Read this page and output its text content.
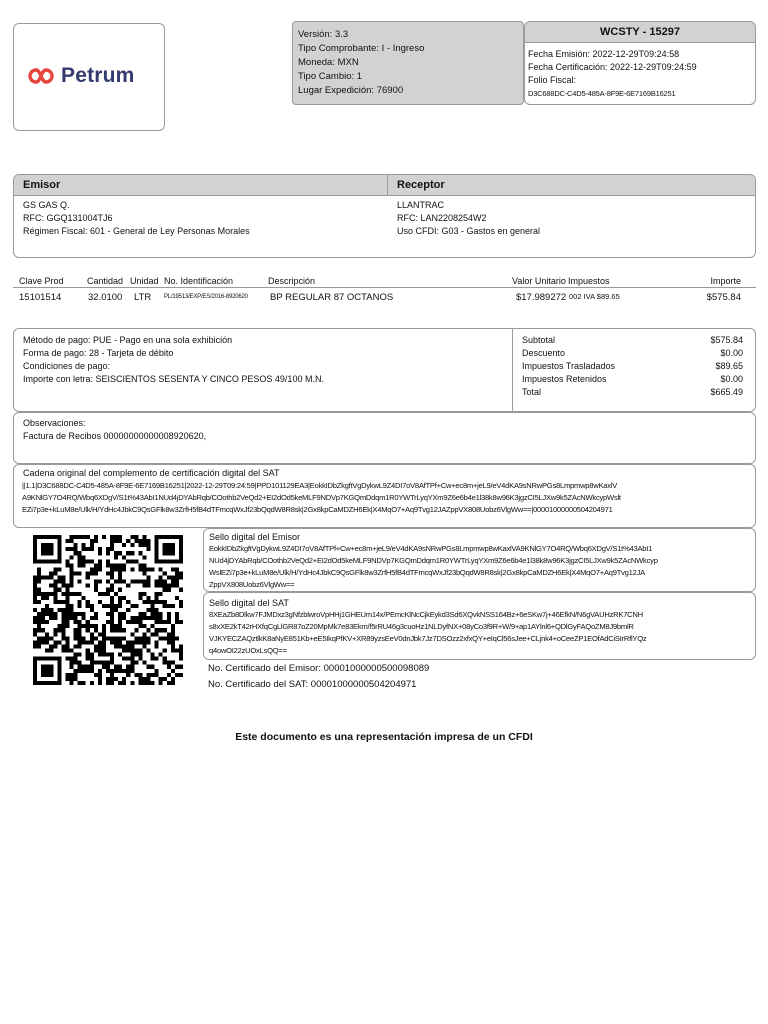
Petrum
Versión: 3.3
Tipo Comprobante: I - Ingreso
Moneda: MXN
Tipo Cambio: 1
Lugar Expedición: 76900
WCSTY - 15297
Fecha Emisión: 2022-12-29T09:24:58
Fecha Certificación: 2022-12-29T09:24:59
Folio Fiscal:
D3C688DC-C4D5-485A-8F9E-6E7169B16251
Emisor	Receptor
GS GAS Q.
RFC: GGQ131004TJ6
Régimen Fiscal: 601 - General de Ley Personas Morales
LLANTRAC
RFC: LAN2208254W2
Uso CFDI: G03 - Gastos en general
Clave Prod	Cantidad Unidad No. Identificación	Descripción	Valor Unitario Impuestos	Importe
15101514	32.0100 LTR PL/19513/EXP/ES/2016-8920620 BP REGULAR 87 OCTANOS	$17.989272 002 IVA $89.65	$575.84
Método de pago: PUE - Pago en una sola exhibición
Forma de pago: 28 - Tarjeta de débito
Condiciones de pago:
Importe con letra: SEISCIENTOS SESENTA Y CINCO PESOS 49/100 M.N.
Subtotal	$575.84
Descuento	$0.00
Impuestos Trasladados	$89.65
Impuestos Retenidos	$0.00
Total	$665.49
Observaciones:
Factura de Recibos 00000000000008920620,
Cadena original del complemento de certificación digital del SAT
||1.1|D3C688DC-C4D5-485A-8F9E-6E7169B16251|2022-12-29T09:24:59|PPD101129EA3|EokkIDbZkgftVgDykwL9Z4DI7oV8AfTPf+Cw+ec8m+jeL9/eV4dKA9sNRwPGs8Lmpmwp8wKaxlV
A9KNlGY7O4RQ/Wbq6XDgV/S1t%43AbI1NUd4jDYAbRqb/COothb2VeQd2+EI2dOd5keMLF9NDVp7KGQmDdqm1R0YWTrLyqYXm9Z6e6b4e1l38k8w96K3jgzCI5LJXw9k5ZAcNWkcypWslt
EZi7p3e+kLuM8e/Ulk/H/YdHc4JbkC9QsGFlk8w3ZrfH5fB4dTFmcqWxJf23bQqdW8R8sk|2Gx8kpCaMDZH6Ek|X4MqO7+Aq9Tvg12JAZppVX808Uobz6VlgWw==|00001000000504204971
Sello digital del Emisor
EokkIDbZkgftVgDykwL9Z4DI7oV8AfTPf+Cw+ec8m+jeL9/eV4dKA9sNRwPGs8Lmpmwp8wKaxlVA9KNlGY7O4RQ/Wbq6XDgV/S1t%43AbI1
NUd4jDYAbRqb/COothb2VeQd2+EI2dOd5keMLF9NDVp7KGQmDdqm1R0YWTrLyqYXm9Z6e6b4e1l38k8w96K3jgzCI5LJXw9k5ZAcNWkcyp
WslEZi7p3e+kLuM8e/Ulk/H/YdHc4JbkC9QsGFlk8w3ZrfH5fB4dTFmcqWxJf23bQqdW8R8sk|2Gx8kpCaMDZH6Ek|X4MqO7+Aq9Tvg12JA
ZppVX808Uobz6VlgWw==
Sello digital del SAT
8XEaZb8Dlkw7FJMDxz3gNfzblwroVpHHj1GHEUm14x/PEmcKlNcCjkEykd3Sd6XQvkNSS164Bz+6eSKw7j+46EfkN/N6gVAUHzRK7CNH
s8xXE2kT42rHXfqCgLlGR87oZ20MpMk7e83Ekm/f5rRU46g3cuoHz1NLDyfNX+08yCo3f9R+W/9+ap1AYlnl6+QDlGyFAQoZM8J9bmlR
VJKYECZAQztlkK8aNyE851Kb+eE5IkqPfKV+XR89yzsEeV0dnJbk7Jz7DSOzz2xfxQY+eIqCl56sJee+CLjnk4+oCeeZP1EOfAdCiSIrRflYQz
q4owOI22zUOxLsQQ==
No. Certificado del Emisor: 00001000000500098089
No. Certificado del SAT: 00001000000504204971
Este documento es una representación impresa de un CFDI
